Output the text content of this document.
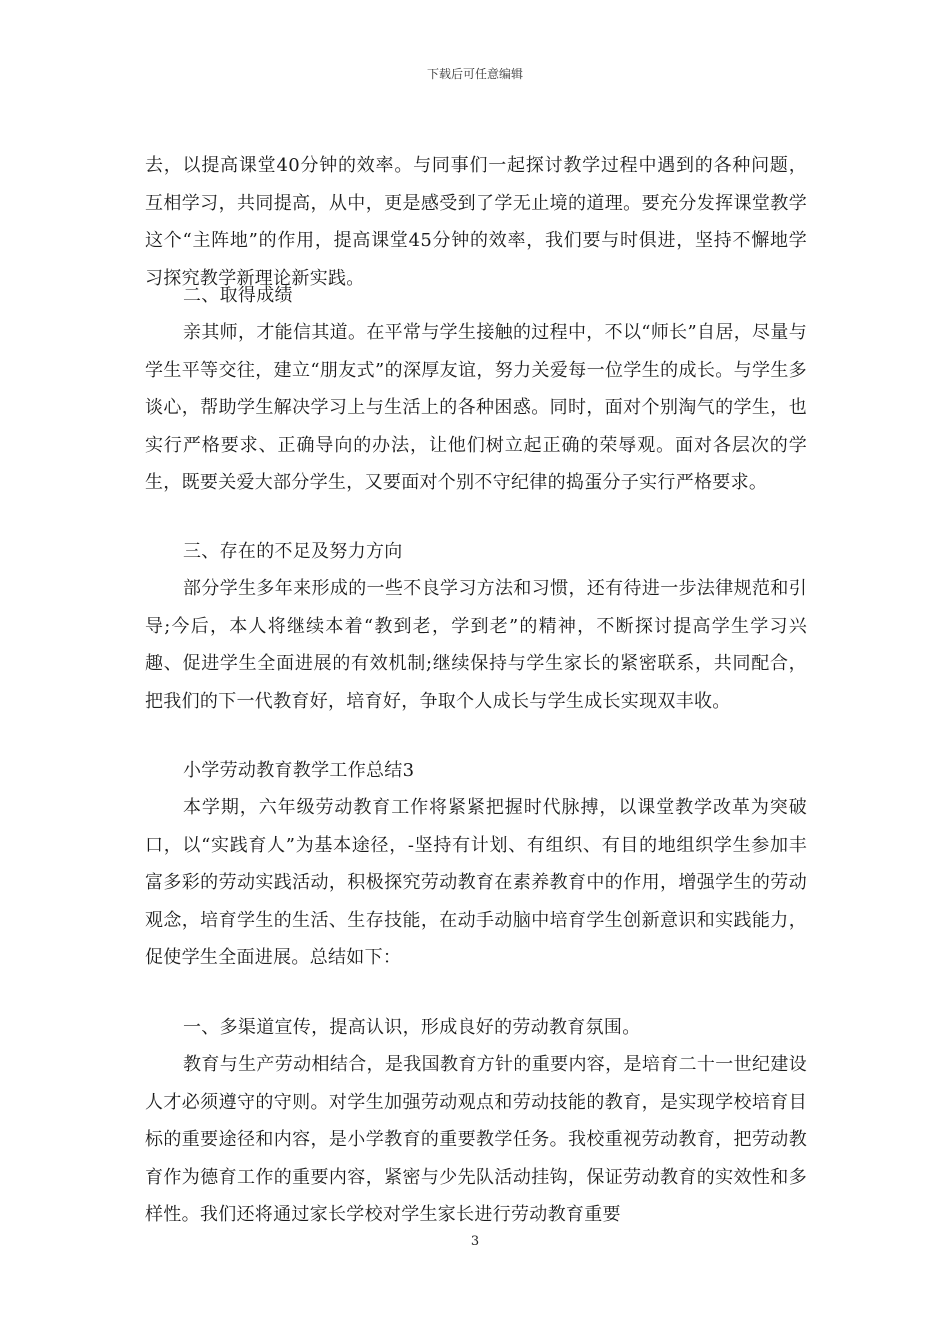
下载后可任意编辑

去，以提高课堂40分钟的效率。与同事们一起探讨教学过程中遇到的各种问题，互相学习，共同提高，从中，更是感受到了学无止境的道理。要充分发挥课堂教学这个“主阵地”的作用，提高课堂45分钟的效率，我们要与时俱进，坚持不懈地学习探究教学新理论新实践。

二、取得成绩

亲其师，才能信其道。在平常与学生接触的过程中，不以“师长”自居，尽量与学生平等交往，建立“朋友式”的深厚友谊，努力关爱每一位学生的成长。与学生多谈心，帮助学生解决学习上与生活上的各种困惑。同时，面对个别淘气的学生，也实行严格要求、正确导向的办法，让他们树立起正确的荣辱观。面对各层次的学生，既要关爱大部分学生，又要面对个别不守纪律的捣蛋分子实行严格要求。

三、存在的不足及努力方向

部分学生多年来形成的一些不良学习方法和习惯，还有待进一步法律规范和引导;今后，本人将继续本着“教到老，学到老”的精神，不断探讨提高学生学习兴趣、促进学生全面进展的有效机制;继续保持与学生家长的紧密联系，共同配合，把我们的下一代教育好，培育好，争取个人成长与学生成长实现双丰收。

小学劳动教育教学工作总结3

本学期，六年级劳动教育工作将紧紧把握时代脉搏，以课堂教学改革为突破口，以“实践育人”为基本途径，-坚持有计划、有组织、有目的地组织学生参加丰富多彩的劳动实践活动，积极探究劳动教育在素养教育中的作用，增强学生的劳动观念，培育学生的生活、生存技能，在动手动脑中培育学生创新意识和实践能力，促使学生全面进展。总结如下：

一、多渠道宣传，提高认识，形成良好的劳动教育氛围。

教育与生产劳动相结合，是我国教育方针的重要内容，是培育二十一世纪建设人才必须遵守的守则。对学生加强劳动观点和劳动技能的教育，是实现学校培育目标的重要途径和内容，是小学教育的重要教学任务。我校重视劳动教育，把劳动教育作为德育工作的重要内容，紧密与少先队活动挂钩，保证劳动教育的实效性和多样性。我们还将通过家长学校对学生家长进行劳动教育重要

3
